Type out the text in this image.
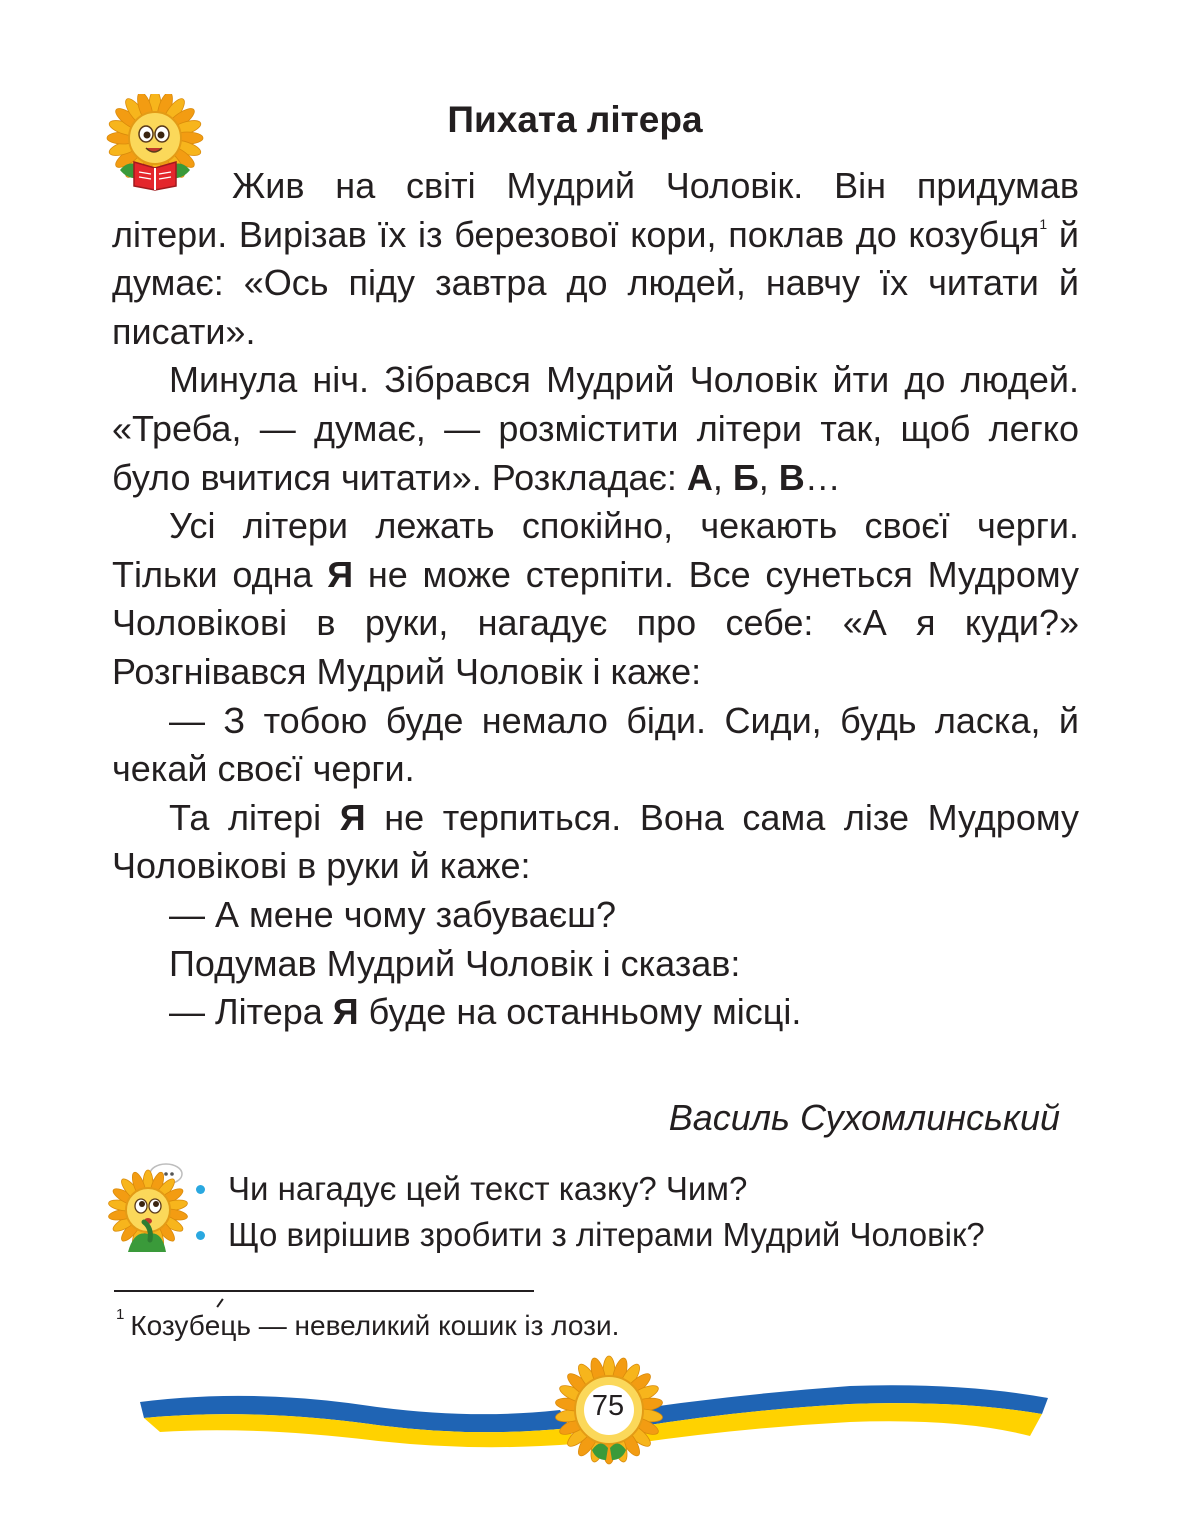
Пихата літера

Жив на світі Мудрий Чоловік. Він придумав літери. Вирізав їх із березової кори, поклав до козубця$^1$ й думає: «Ось піду завтра до людей, навчу їх читати й писати».

Минула ніч. Зібрався Мудрий Чоловік йти до людей. «Треба, — думає, — розмістити літери так, щоб легко було вчитися читати». Розкладає: А, Б, В…

Усі літери лежать спокійно, чекають своєї черги. Тільки одна Я не може стерпіти. Все сунеться Мудрому Чоловікові в руки, нагадує про себе: «А я куди?» Розгнівався Мудрий Чоловік і каже:

— З тобою буде немало біди. Сиди, будь ласка, й чекай своєї черги.

Та літері Я не терпиться. Вона сама лізе Мудрому Чоловікові в руки й каже:

— А мене чому забуваєш?

Подумав Мудрий Чоловік і сказав:

— Літера Я буде на останньому місці.

Василь Сухомлинський
Чи нагадує цей текст казку? Чим?
Що вирішив зробити з літерами Мудрий Чоловік?
$^1$ Козубець — невеликий кошик із лози.
75
